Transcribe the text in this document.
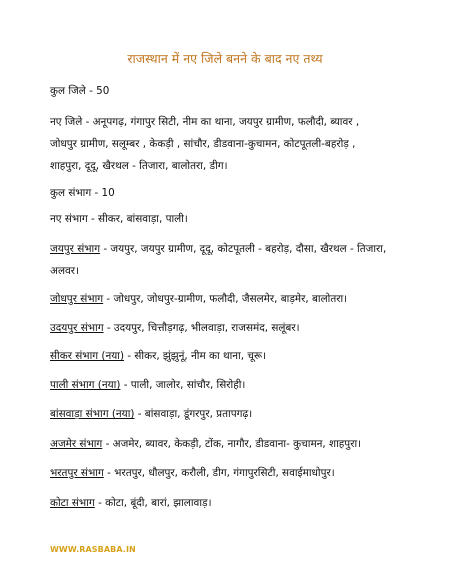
राजस्थान में नए जिले बनने के बाद नए तथ्य
कुल जिले - 50
नए जिले - अनूपगढ़, गंगापुर सिटी, नीम का थाना, जयपुर ग्रामीण, फलौदी, ब्यावर ,
जोधपुर ग्रामीण, सलूम्बर , केकड़ी , सांचौर, डीडवाना-कुचामन, कोटपूतली-बहरोड़ ,
शाहपुरा, दूदू, खैरथल - तिजारा, बालोतरा, डीग।
कुल संभाग - 10
नए संभाग - सीकर, बांसवाड़ा, पाली।
जयपुर संभाग - जयपुर, जयपुर ग्रामीण, दूदू, कोटपूतली - बहरोड़, दौसा, खैरथल - तिजारा,
अलवर।
जोधपुर संभाग - जोधपुर, जोधपुर-ग्रामीण, फलौदी, जैसलमेर, बाड़मेर, बालोतरा।
उदयपुर संभाग - उदयपुर, चित्तौड़गढ़, भीलवाड़ा, राजसमंद, सलूंबर।
सीकर संभाग (नया) - सीकर, झुंझुनूं, नीम का थाना, चूरू।
पाली संभाग (नया) - पाली, जालोर, सांचौर, सिरोही।
बांसवाड़ा संभाग (नया) - बांसवाड़ा, डूंगरपुर, प्रतापगढ़।
अजमेर संभाग - अजमेर, ब्यावर, केकड़ी, टोंक, नागौर, डीडवाना- कुचामन, शाहपुरा।
भरतपुर संभाग - भरतपुर, धौलपुर, करौली, डीग, गंगापुरसिटी, सवाईमाधोपुर।
कोटा संभाग - कोटा, बूंदी, बारां, झालावाड़।
WWW.RASBABA.IN
